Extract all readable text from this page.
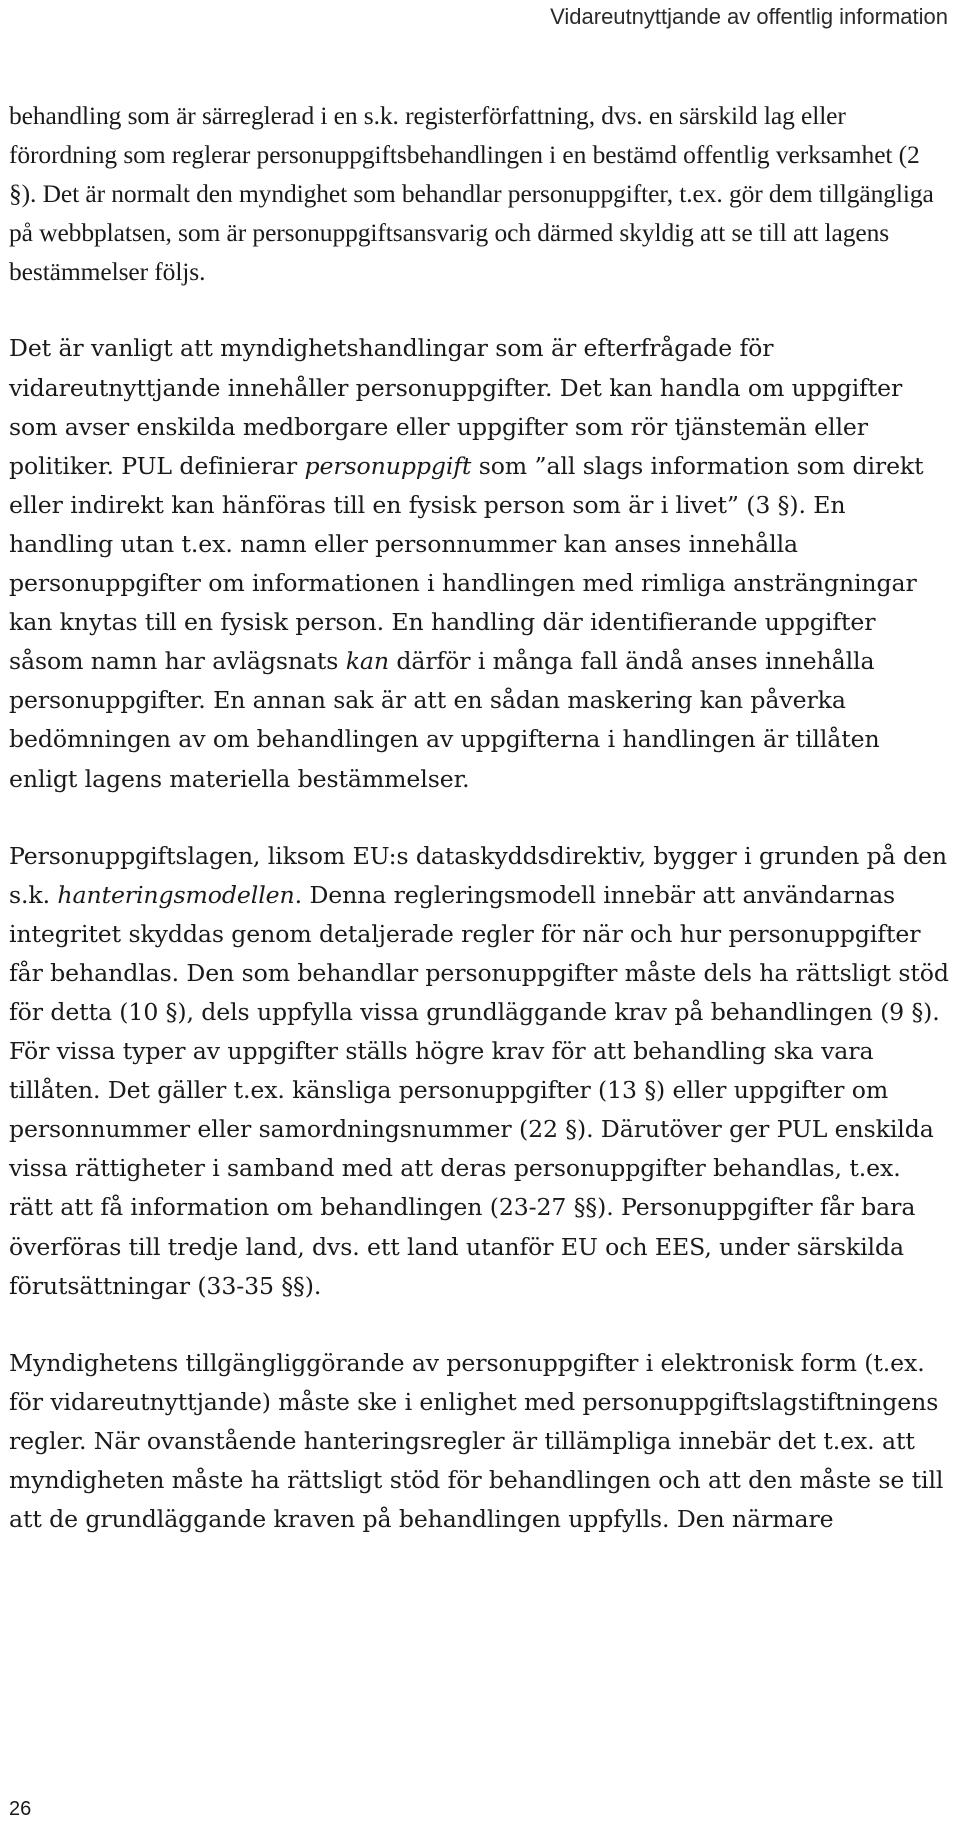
Vidareutnyttjande av offentlig information

behandling som är särreglerad i en s.k. registerförfattning, dvs. en särskild lag eller förordning som reglerar personuppgiftsbehandlingen i en bestämd offentlig verksamhet (2 §). Det är normalt den myndighet som behandlar personuppgifter, t.ex. gör dem tillgängliga på webbplatsen, som är personuppgiftsansvarig och därmed skyldig att se till att lagens bestämmelser följs.

Det är vanligt att myndighetshandlingar som är efterfrågade för vidareutnyttjande innehåller personuppgifter. Det kan handla om uppgifter som avser enskilda medborgare eller uppgifter som rör tjänstemän eller politiker. PUL definierar personuppgift som ”all slags information som direkt eller indirekt kan hänföras till en fysisk person som är i livet” (3 §). En handling utan t.ex. namn eller personnummer kan anses innehålla personuppgifter om informationen i handlingen med rimliga ansträngningar kan knytas till en fysisk person. En handling där identifierande uppgifter såsom namn har avlägsnats kan därför i många fall ändå anses innehålla personuppgifter. En annan sak är att en sådan maskering kan påverka bedömningen av om behandlingen av uppgifterna i handlingen är tillåten enligt lagens materiella bestämmelser.

Personuppgiftslagen, liksom EU:s dataskyddsdirektiv, bygger i grunden på den s.k. hanteringsmodellen. Denna regleringsmodell innebär att användarnas integritet skyddas genom detaljerade regler för när och hur personuppgifter får behandlas. Den som behandlar personuppgifter måste dels ha rättsligt stöd för detta (10 §), dels uppfylla vissa grundläggande krav på behandlingen (9 §). För vissa typer av uppgifter ställs högre krav för att behandling ska vara tillåten. Det gäller t.ex. känsliga personuppgifter (13 §) eller uppgifter om personnummer eller samordningsnummer (22 §). Därutöver ger PUL enskilda vissa rättigheter i samband med att deras personuppgifter behandlas, t.ex. rätt att få information om behandlingen (23-27 §§). Personuppgifter får bara överföras till tredje land, dvs. ett land utanför EU och EES, under särskilda förutsättningar (33-35 §§).

Myndighetens tillgängliggörande av personuppgifter i elektronisk form (t.ex. för vidareutnyttjande) måste ske i enlighet med personuppgiftslagstiftningens regler. När ovanstående hanteringsregler är tillämpliga innebär det t.ex. att myndigheten måste ha rättsligt stöd för behandlingen och att den måste se till att de grundläggande kraven på behandlingen uppfylls. Den närmare

26
